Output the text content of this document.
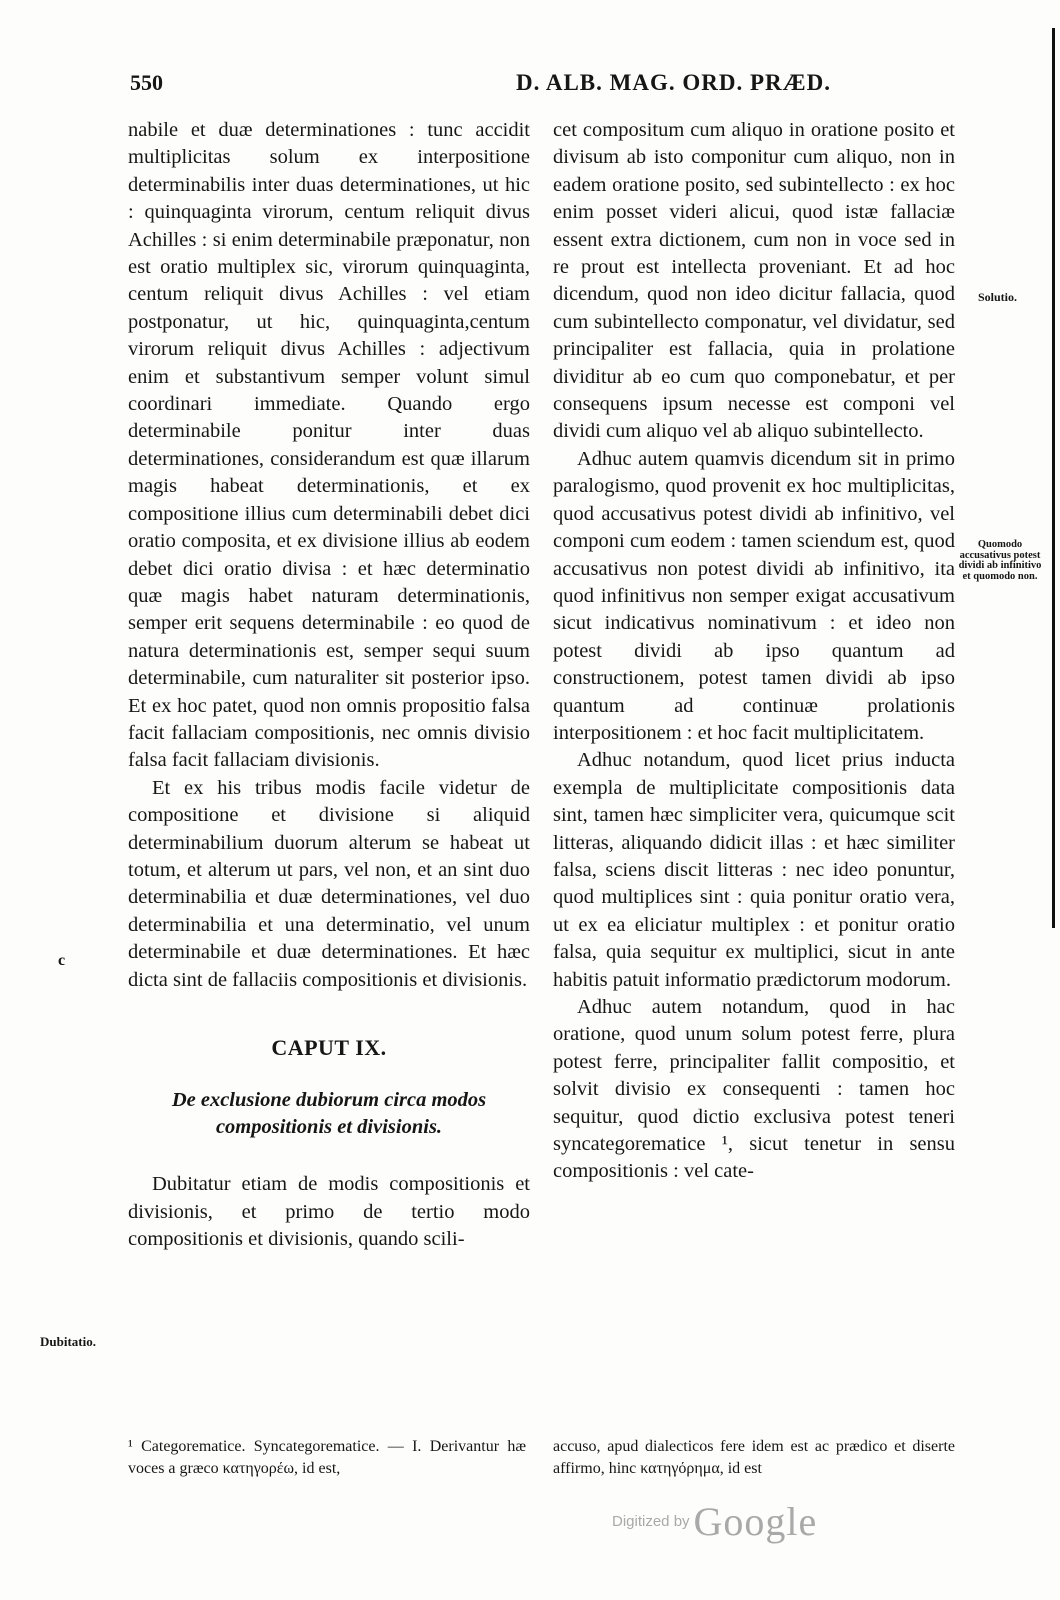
550	D. ALB. MAG. ORD. PRÆD.

nabile et duæ determinationes : tunc accidit multiplicitas solum ex interpositione determinabilis inter duas determinationes, ut hic : quinquaginta virorum, centum reliquit divus Achilles : si enim determinabile præponatur, non est oratio multiplex sic, virorum quinquaginta, centum reliquit divus Achilles : vel etiam postponatur, ut hic, quinquaginta,centum virorum reliquit divus Achilles : adjectivum enim et substantivum semper volunt simul coordinari immediate. Quando ergo determinabile ponitur inter duas determinationes, considerandum est quæ illarum magis habeat determinationis, et ex compositione illius cum determinabili debet dici oratio composita, et ex divisione illius ab eodem debet dici oratio divisa : et hæc determinatio quæ magis habet naturam determinationis, semper erit sequens determinabile : eo quod de natura determinationis est, semper sequi suum determinabile, cum naturaliter sit posterior ipso. Et ex hoc patet, quod non omnis propositio falsa facit fallaciam compositionis, nec omnis divisio falsa facit fallaciam divisionis.

Et ex his tribus modis facile videtur de compositione et divisione si aliquid determinabilium duorum alterum se habeat ut totum, et alterum ut pars, vel non, et an sint duo determinabilia et duæ determinationes, vel duo determinabilia et una determinatio, vel unum determinabile et duæ determinationes. Et hæc dicta sint de fallaciis compositionis et divisionis.

CAPUT IX.
De exclusione dubiorum circa modos compositionis et divisionis.

Dubitatur etiam de modis compositionis et divisionis, et primo de tertio modo compositionis et divisionis, quando scili-

cet compositum cum aliquo in oratione posito et divisum ab isto componitur cum aliquo, non in eadem oratione posito, sed subintellecto : ex hoc enim posset videri alicui, quod istæ fallaciæ essent extra dictionem, cum non in voce sed in re prout est intellecta proveniant. Et ad hoc dicendum, quod non ideo dicitur fallacia, quod cum subintellecto componatur, vel dividatur, sed principaliter est fallacia, quia in prolatione dividitur ab eo cum quo componebatur, et per consequens ipsum necesse est componi vel dividi cum aliquo vel ab aliquo subintellecto.

Adhuc autem quamvis dicendum sit in primo paralogismo, quod provenit ex hoc multiplicitas, quod accusativus potest dividi ab infinitivo, vel componi cum eodem : tamen sciendum est, quod accusativus non potest dividi ab infinitivo, ita quod infinitivus non semper exigat accusativum sicut indicativus nominativum : et ideo non potest dividi ab ipso quantum ad constructionem, potest tamen dividi ab ipso quantum ad continuæ prolationis interpositionem : et hoc facit multiplicitatem.

Adhuc notandum, quod licet prius inducta exempla de multiplicitate compositionis data sint, tamen hæc simpliciter vera, quicumque scit litteras, aliquando didicit illas : et hæc similiter falsa, sciens discit litteras : nec ideo ponuntur, quod multiplices sint : quia ponitur oratio vera, ut ex ea eliciatur multiplex : et ponitur oratio falsa, quia sequitur ex multiplici, sicut in ante habitis patuit informatio prædictorum modorum.

Adhuc autem notandum, quod in hac oratione, quod unum solum potest ferre, plura potest ferre, principaliter fallit compositio, et solvit divisio ex consequenti : tamen hoc sequitur, quod dictio exclusiva potest teneri syncategorematice ¹, sicut tenetur in sensu compositionis : vel cate-

Solutio.
Quomodo accusativus potest dividi ab infinitivo et quomodo non.
Dubitatio.
c
¹ Categorematice. Syncategorematice. — I. Derivantur hæ voces a græco κατηγορέω, id est,
accuso, apud dialecticos fere idem est ac prædico et diserte affirmo, hinc κατηγόρημα, id est
Digitized by Google
